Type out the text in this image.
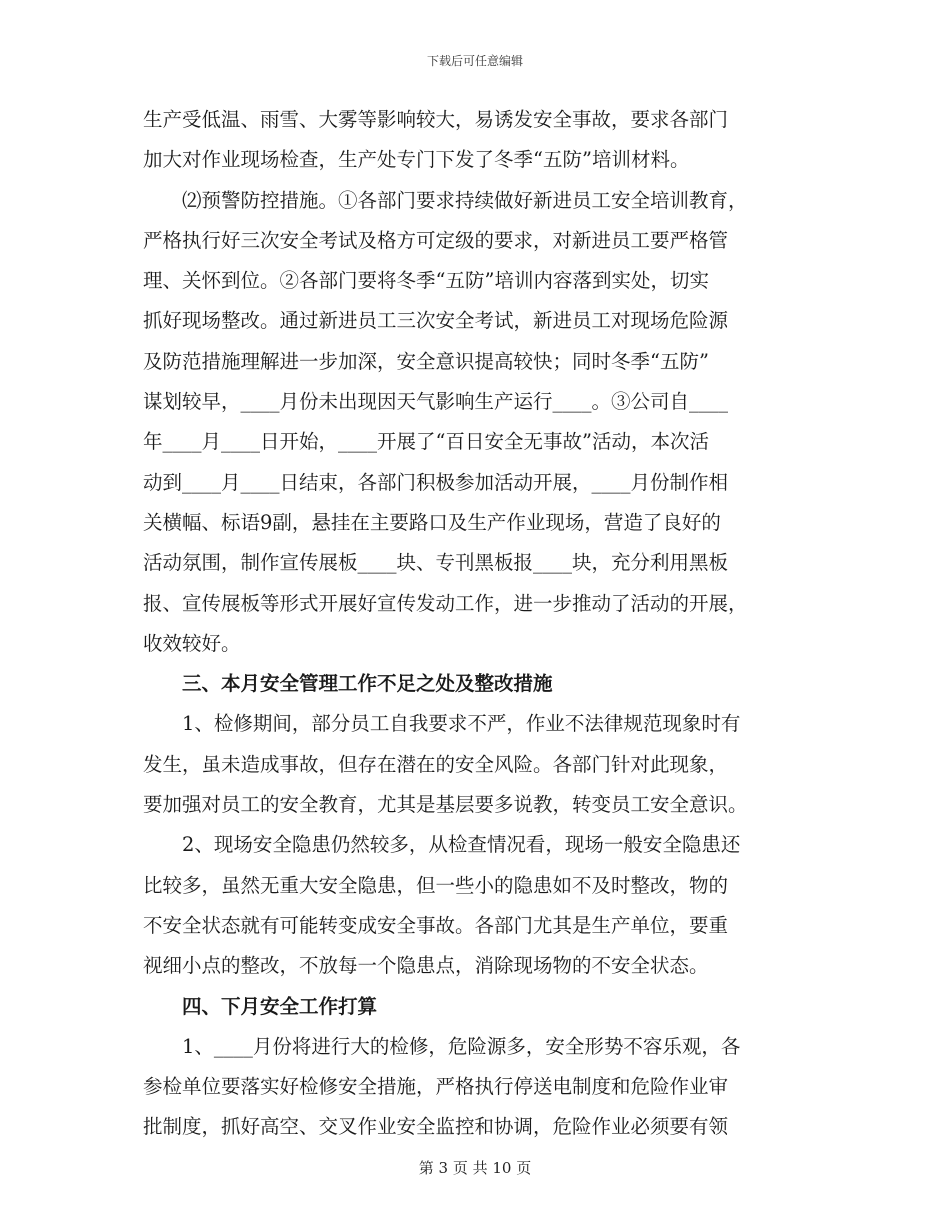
下载后可任意编辑
生产受低温、雨雪、大雾等影响较大，易诱发安全事故，要求各部门
加大对作业现场检查，生产处专门下发了冬季“五防”培训材料。
⑵预警防控措施。①各部门要求持续做好新进员工安全培训教育，
严格执行好三次安全考试及格方可定级的要求，对新进员工要严格管
理、关怀到位。②各部门要将冬季“五防”培训内容落到实处，切实
抓好现场整改。通过新进员工三次安全考试，新进员工对现场危险源
及防范措施理解进一步加深，安全意识提高较快；同时冬季“五防”
谋划较早，____月份未出现因天气影响生产运行____。③公司自____
年____月____日开始，____开展了“百日安全无事故”活动，本次活
动到____月____日结束，各部门积极参加活动开展，____月份制作相
关横幅、标语9副，悬挂在主要路口及生产作业现场，营造了良好的
活动氛围，制作宣传展板____块、专刊黑板报____块，充分利用黑板
报、宣传展板等形式开展好宣传发动工作，进一步推动了活动的开展，
收效较好。
三、本月安全管理工作不足之处及整改措施
1、检修期间，部分员工自我要求不严，作业不法律规范现象时有
发生，虽未造成事故，但存在潜在的安全风险。各部门针对此现象，
要加强对员工的安全教育，尤其是基层要多说教，转变员工安全意识。
2、现场安全隐患仍然较多，从检查情况看，现场一般安全隐患还
比较多，虽然无重大安全隐患，但一些小的隐患如不及时整改，物的
不安全状态就有可能转变成安全事故。各部门尤其是生产单位，要重
视细小点的整改，不放每一个隐患点，消除现场物的不安全状态。
四、下月安全工作打算
1、____月份将进行大的检修，危险源多，安全形势不容乐观，各
参检单位要落实好检修安全措施，严格执行停送电制度和危险作业审
批制度，抓好高空、交叉作业安全监控和协调，危险作业必须要有领
第 3 页 共 10 页
